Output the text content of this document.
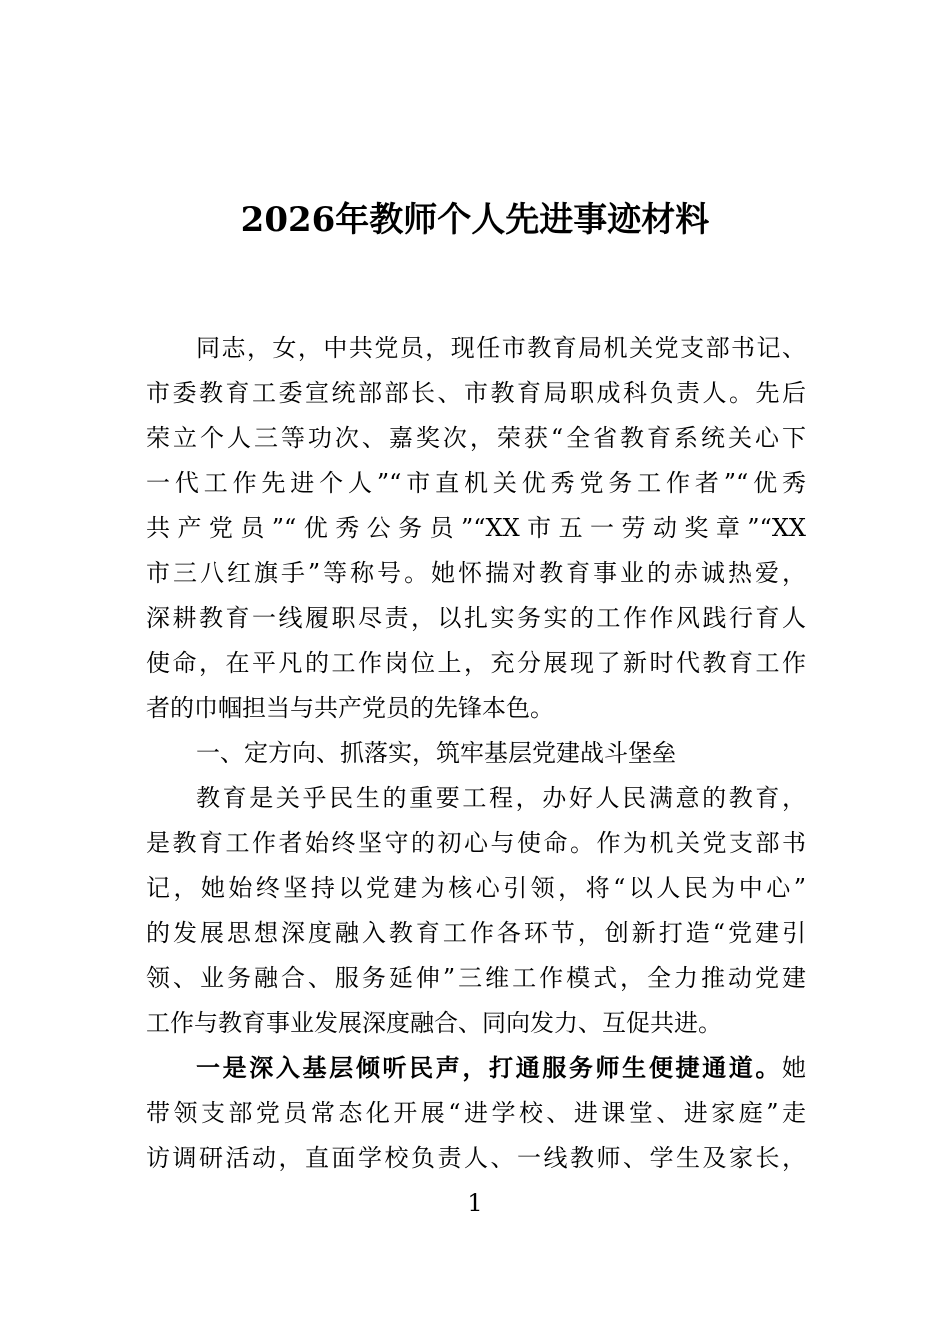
2026年教师个人先进事迹材料
同志，女，中共党员，现任市教育局机关党支部书记、
市委教育工委宣统部部长、市教育局职成科负责人。先后
荣立个人三等功次、嘉奖次，荣获“全省教育系统关心下
一代工作先进个人”“市直机关优秀党务工作者”“优秀
共产党员”“优秀公务员”“XX市五一劳动奖章”“XX
市三八红旗手”等称号。她怀揣对教育事业的赤诚热爱，
深耕教育一线履职尽责，以扎实务实的工作作风践行育人
使命，在平凡的工作岗位上，充分展现了新时代教育工作
者的巾帼担当与共产党员的先锋本色。
一、定方向、抓落实，筑牢基层党建战斗堡垒
教育是关乎民生的重要工程，办好人民满意的教育，
是教育工作者始终坚守的初心与使命。作为机关党支部书
记，她始终坚持以党建为核心引领，将“以人民为中心”
的发展思想深度融入教育工作各环节，创新打造“党建引
领、业务融合、服务延伸”三维工作模式，全力推动党建
工作与教育事业发展深度融合、同向发力、互促共进。
一是深入基层倾听民声，打通服务师生便捷通道。她
带领支部党员常态化开展“进学校、进课堂、进家庭”走
访调研活动，直面学校负责人、一线教师、学生及家长，
1
